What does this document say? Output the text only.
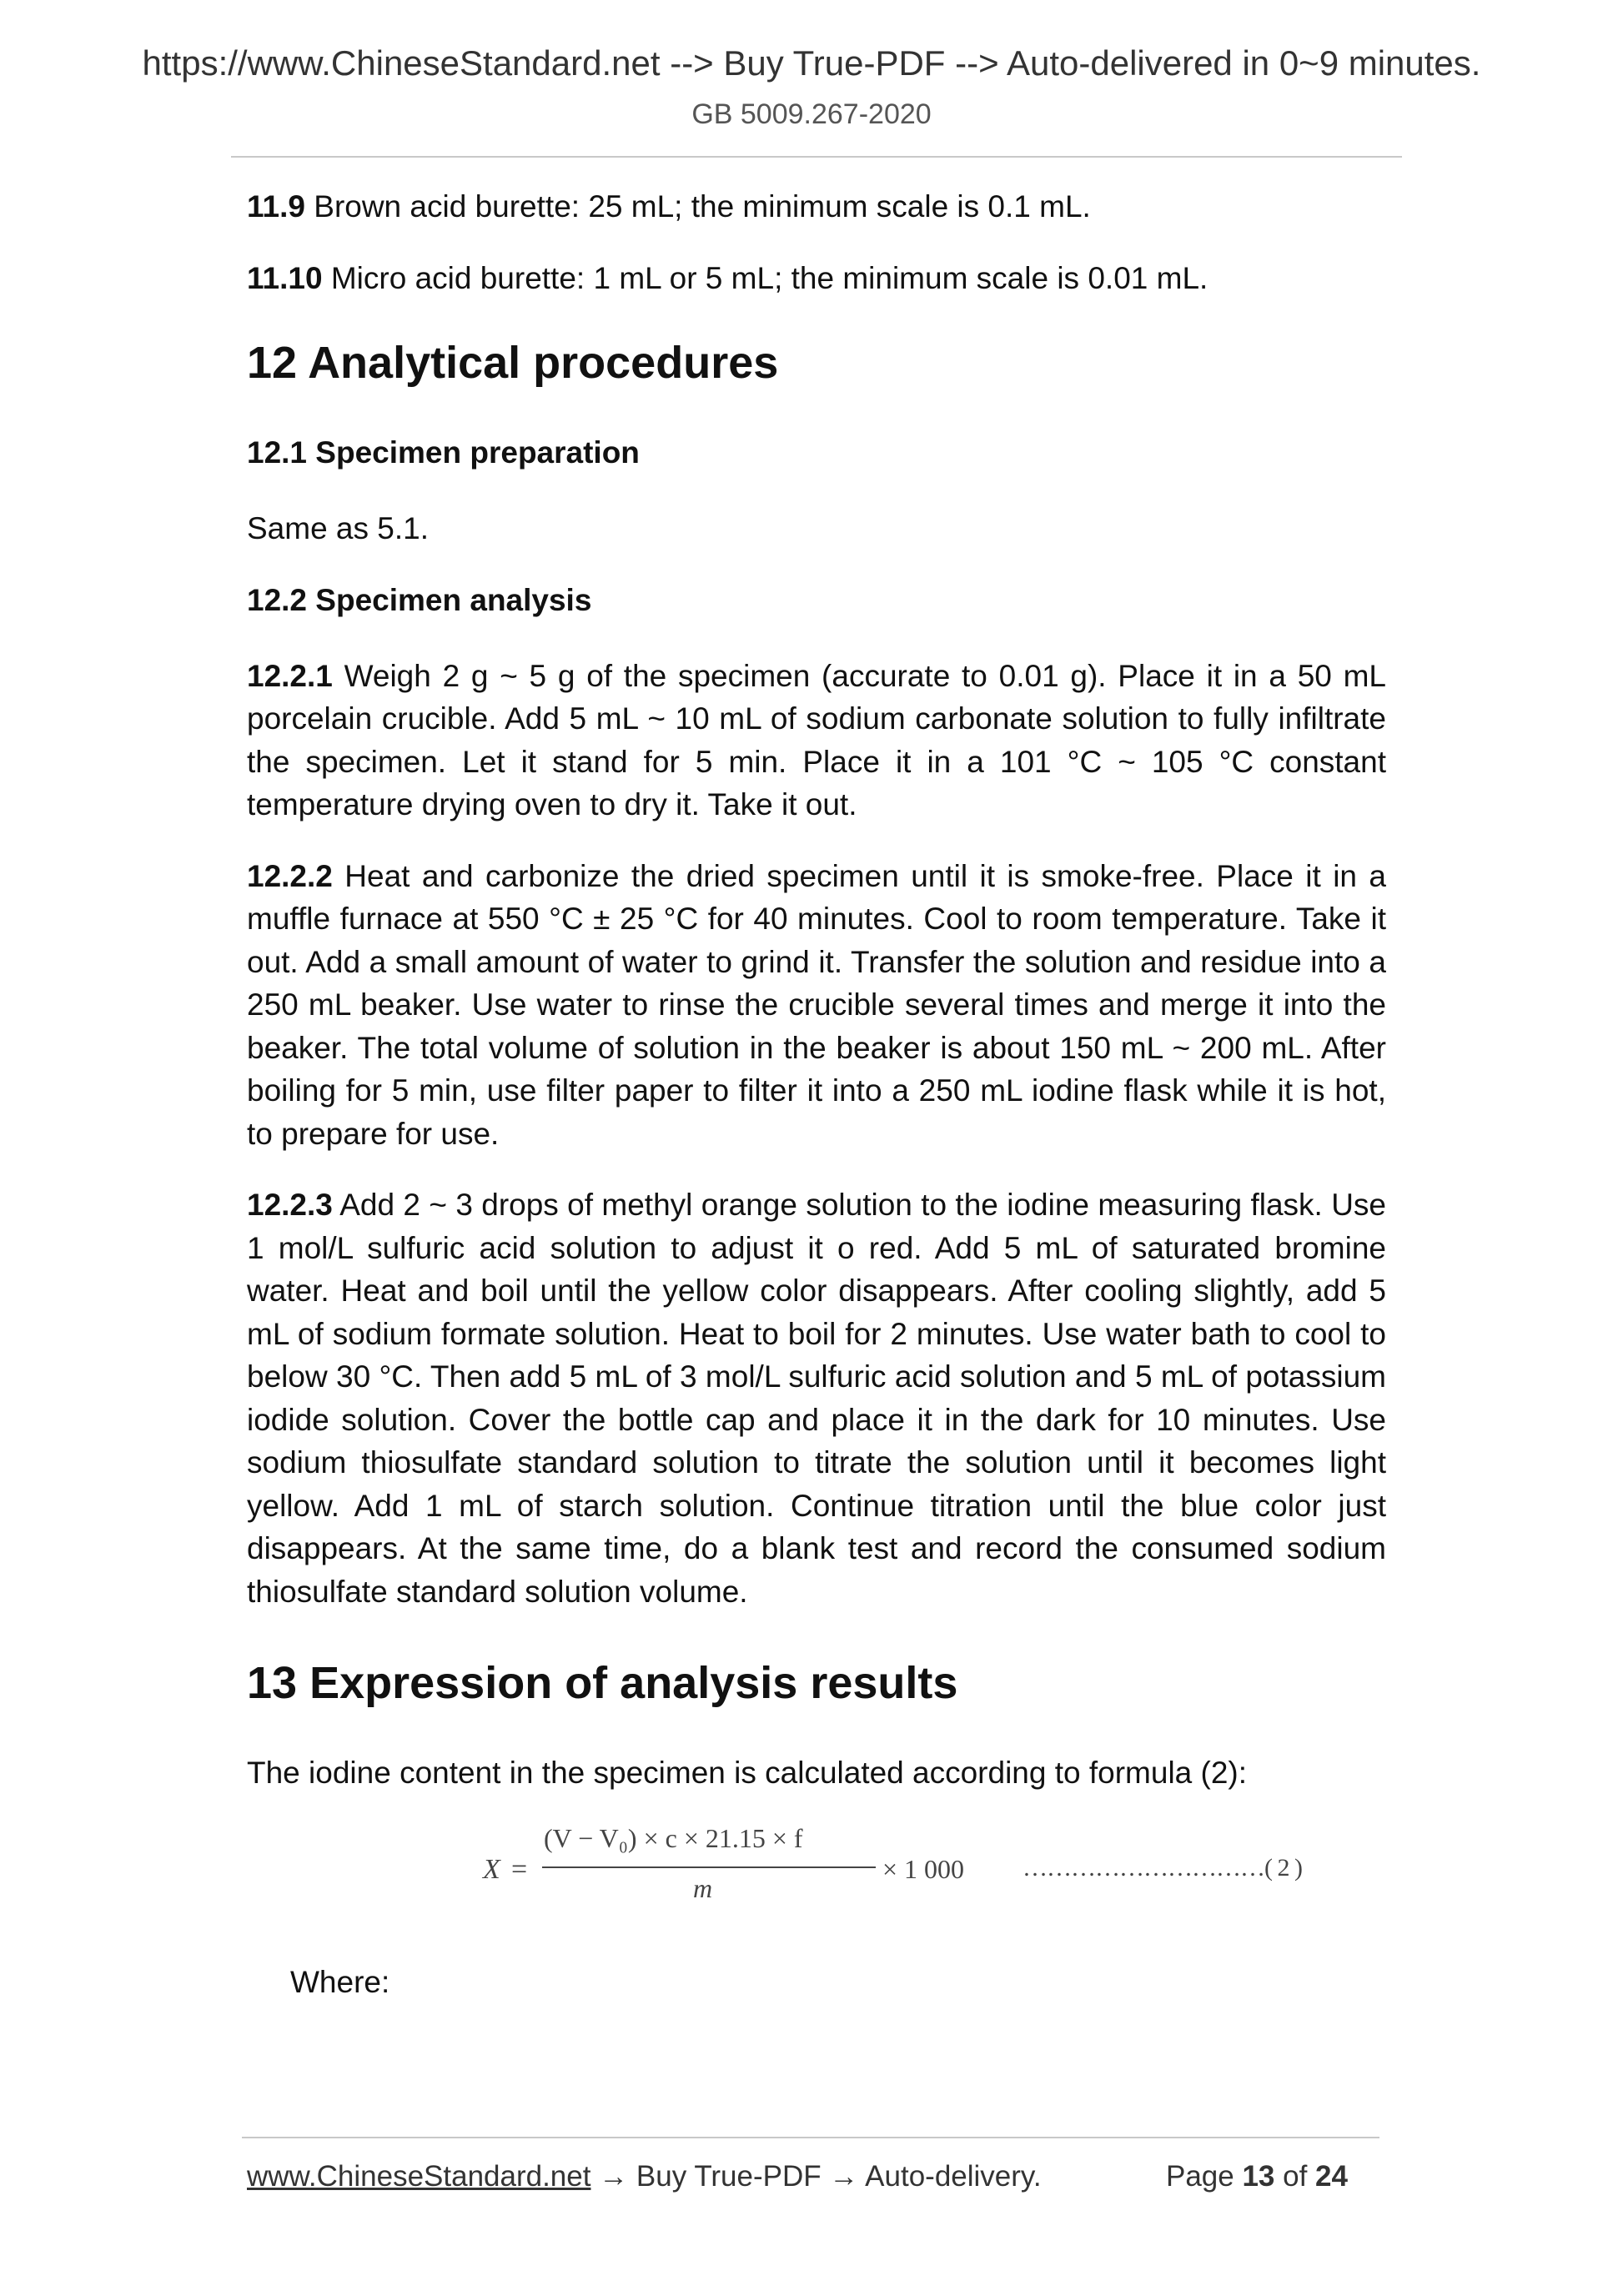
https://www.ChineseStandard.net --> Buy True-PDF --> Auto-delivered in 0~9 minutes.
GB 5009.267-2020

11.9 Brown acid burette: 25 mL; the minimum scale is 0.1 mL.

11.10 Micro acid burette: 1 mL or 5 mL; the minimum scale is 0.01 mL.

12 Analytical procedures
12.1 Specimen preparation

Same as 5.1.

12.2 Specimen analysis

12.2.1 Weigh 2 g ~ 5 g of the specimen (accurate to 0.01 g). Place it in a 50 mL porcelain crucible. Add 5 mL ~ 10 mL of sodium carbonate solution to fully infiltrate the specimen. Let it stand for 5 min. Place it in a 101 °C ~ 105 °C constant temperature drying oven to dry it. Take it out.

12.2.2 Heat and carbonize the dried specimen until it is smoke-free. Place it in a muffle furnace at 550 °C ± 25 °C for 40 minutes. Cool to room temperature. Take it out. Add a small amount of water to grind it. Transfer the solution and residue into a 250 mL beaker. Use water to rinse the crucible several times and merge it into the beaker. The total volume of solution in the beaker is about 150 mL ~ 200 mL. After boiling for 5 min, use filter paper to filter it into a 250 mL iodine flask while it is hot, to prepare for use.

12.2.3 Add 2 ~ 3 drops of methyl orange solution to the iodine measuring flask. Use 1 mol/L sulfuric acid solution to adjust it o red. Add 5 mL of saturated bromine water. Heat and boil until the yellow color disappears. After cooling slightly, add 5 mL of sodium formate solution. Heat to boil for 2 minutes. Use water bath to cool to below 30 °C. Then add 5 mL of 3 mol/L sulfuric acid solution and 5 mL of potassium iodide solution. Cover the bottle cap and place it in the dark for 10 minutes. Use sodium thiosulfate standard solution to titrate the solution until it becomes light yellow. Add 1 mL of starch solution. Continue titration until the blue color just disappears. At the same time, do a blank test and record the consumed sodium thiosulfate standard solution volume.

13 Expression of analysis results

The iodine content in the specimen is calculated according to formula (2):

X =
(V − V₀) × c × 21.15 × f
m
× 1 000 …………………………( 2 )
Where:
www.ChineseStandard.net → Buy True-PDF → Auto-delivery.	Page 13 of 24
